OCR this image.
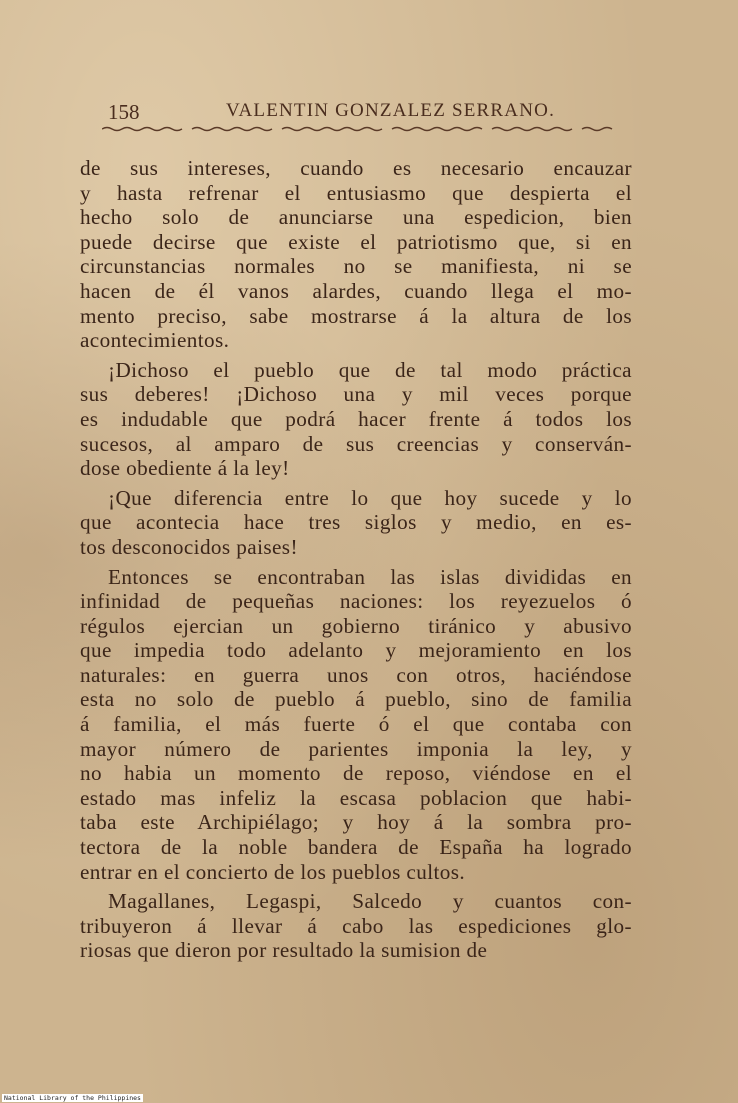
158	VALENTIN GONZALEZ SERRANO.
de sus intereses, cuando es necesario encauzar
y hasta refrenar el entusiasmo que despierta el
hecho solo de anunciarse una espedicion, bien
puede decirse que existe el patriotismo que, si en
circunstancias normales no se manifiesta, ni se
hacen de él vanos alardes, cuando llega el mo-
mento preciso, sabe mostrarse á la altura de los
acontecimientos.
¡Dichoso el pueblo que de tal modo práctica
sus deberes! ¡Dichoso una y mil veces porque
es indudable que podrá hacer frente á todos los
sucesos, al amparo de sus creencias y conserván-
dose obediente á la ley!
¡Que diferencia entre lo que hoy sucede y lo
que acontecia hace tres siglos y medio, en es-
tos desconocidos paises!
Entonces se encontraban las islas divididas en
infinidad de pequeñas naciones: los reyezuelos ó
régulos ejercian un gobierno tiránico y abusivo
que impedia todo adelanto y mejoramiento en los
naturales: en guerra unos con otros, haciéndose
esta no solo de pueblo á pueblo, sino de familia
á familia, el más fuerte ó el que contaba con
mayor número de parientes imponia la ley, y
no habia un momento de reposo, viéndose en el
estado mas infeliz la escasa poblacion que habi-
taba este Archipiélago; y hoy á la sombra pro-
tectora de la noble bandera de España ha logrado
entrar en el concierto de los pueblos cultos.
Magallanes, Legaspi, Salcedo y cuantos con-
tribuyeron á llevar á cabo las espediciones glo-
riosas que dieron por resultado la sumision de
National Library of the Philippines
